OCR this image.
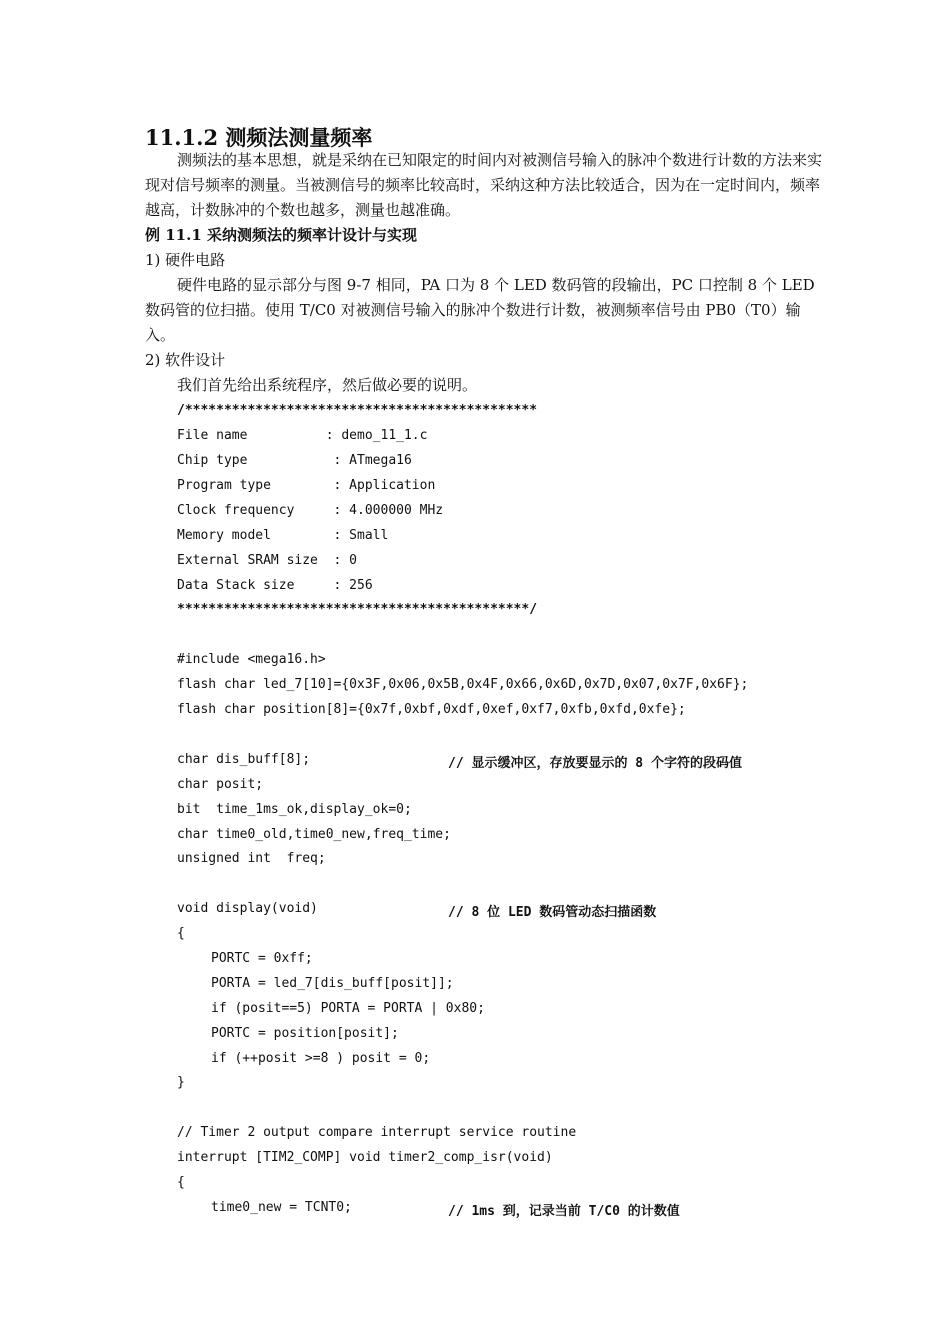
11.1.2 测频法测量频率
测频法的基本思想，就是采纳在已知限定的时间内对被测信号输入的脉冲个数进行计数的方法来实现对信号频率的测量。当被测信号的频率比较高时，采纳这种方法比较适合，因为在一定时间内，频率越高，计数脉冲的个数也越多，测量也越准确。
例 11.1 采纳测频法的频率计设计与实现
1) 硬件电路
硬件电路的显示部分与图 9-7 相同，PA 口为 8 个 LED 数码管的段输出，PC 口控制 8 个 LED 数码管的位扫描。使用 T/C0 对被测信号输入的脉冲个数进行计数，被测频率信号由 PB0（T0）输入。
2) 软件设计
我们首先给出系统程序，然后做必要的说明。
/*********************************************
File name          : demo_11_1.c
Chip type           : ATmega16
Program type        : Application
Clock frequency     : 4.000000 MHz
Memory model        : Small
External SRAM size  : 0
Data Stack size     : 256
*********************************************/
#include <mega16.h>
flash char led_7[10]={0x3F,0x06,0x5B,0x4F,0x66,0x6D,0x7D,0x07,0x7F,0x6F};
flash char position[8]={0x7f,0xbf,0xdf,0xef,0xf7,0xfb,0xfd,0xfe};
char dis_buff[8];	// 显示缓冲区，存放要显示的 8 个字符的段码值
char posit;
bit  time_1ms_ok,display_ok=0;
char time0_old,time0_new,freq_time;
unsigned int  freq;
void display(void)	// 8 位 LED 数码管动态扫描函数
{
PORTC = 0xff;
PORTA = led_7[dis_buff[posit]];
if (posit==5) PORTA = PORTA | 0x80;
PORTC = position[posit];
if (++posit >=8 ) posit = 0;
}
// Timer 2 output compare interrupt service routine
interrupt [TIM2_COMP] void timer2_comp_isr(void)
{
time0_new = TCNT0;	// 1ms 到，记录当前 T/C0 的计数值
